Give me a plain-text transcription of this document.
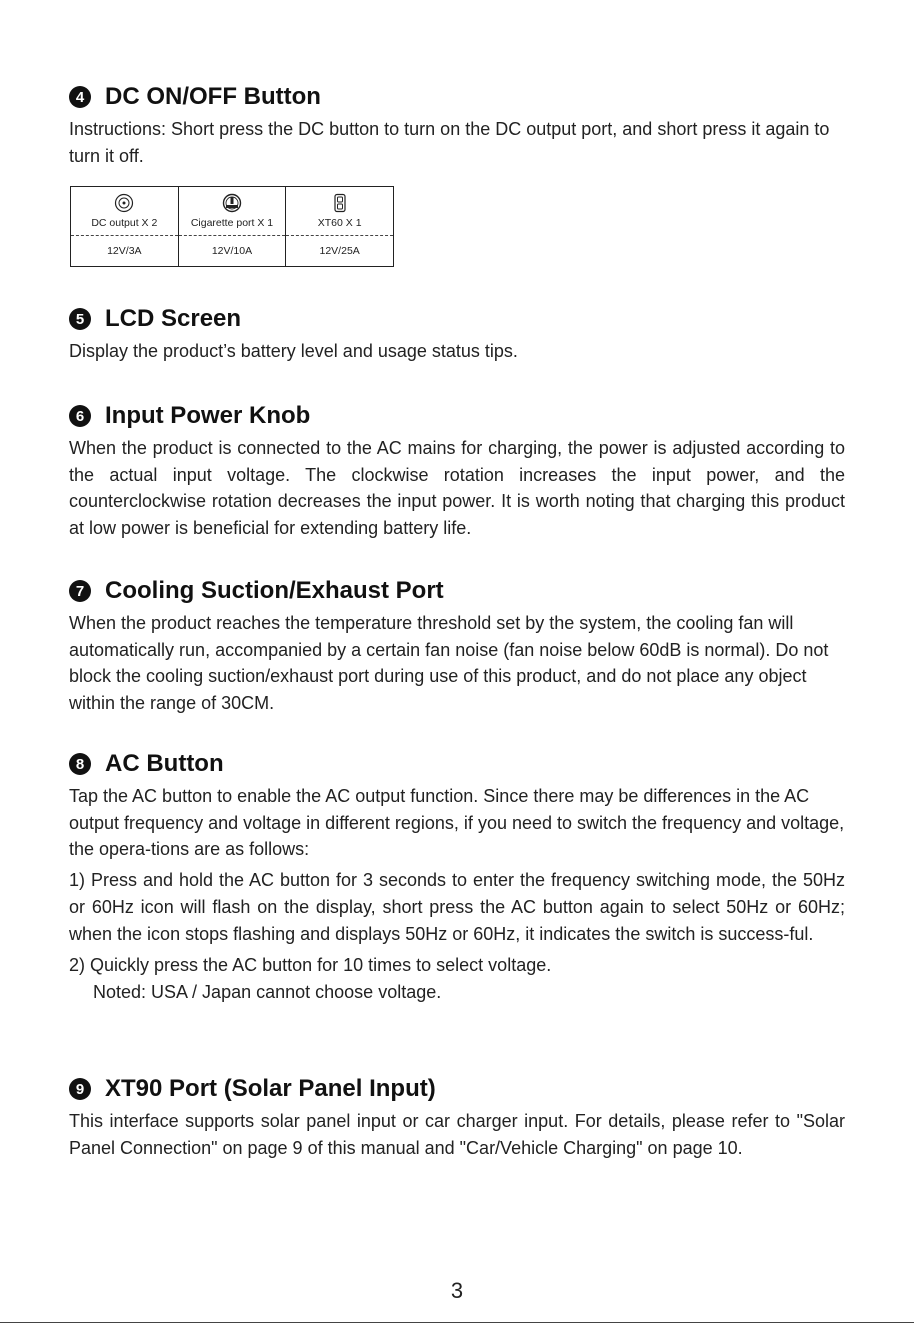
4 DC ON/OFF Button

Instructions: Short press the DC button to turn on the DC output port, and short press it again to turn it off.

DC output X 2	Cigarette port X 1	XT60 X 1

12V/3A	12V/10A	12V/25A
5 LCD Screen

Display the product’s battery level and usage status tips.

6 Input Power Knob

When the product is connected to the AC mains for charging, the power is adjusted according to the actual input voltage. The clockwise rotation increases the input power, and the counterclockwise rotation decreases the input power. It is worth noting that charging this product at low power is beneficial for extending battery life.

7 Cooling Suction/Exhaust Port

When the product reaches the temperature threshold set by the system, the cooling fan will automatically run, accompanied by a certain fan noise (fan noise below 60dB is normal). Do not block the cooling suction/exhaust port during use of this product, and do not place any object within the range of 30CM.

8 AC Button

Tap the AC button to enable the AC output function. Since there may be differences in the AC output frequency and voltage in different regions, if you need to switch the frequency and voltage, the opera-tions are as follows:

1) Press and hold the AC button for 3 seconds to enter the frequency switching mode, the 50Hz or 60Hz icon will flash on the display, short press the AC button again to select 50Hz or 60Hz; when the icon stops flashing and displays 50Hz or 60Hz, it indicates the switch is success-ful.

2) Quickly press the AC button for 10 times to select voltage.

Noted: USA / Japan cannot choose voltage.

9 XT90 Port (Solar Panel Input)

This interface supports solar panel input or car charger input. For details, please refer to "Solar Panel Connection" on page 9 of this manual and "Car/Vehicle Charging" on page 10.

3
